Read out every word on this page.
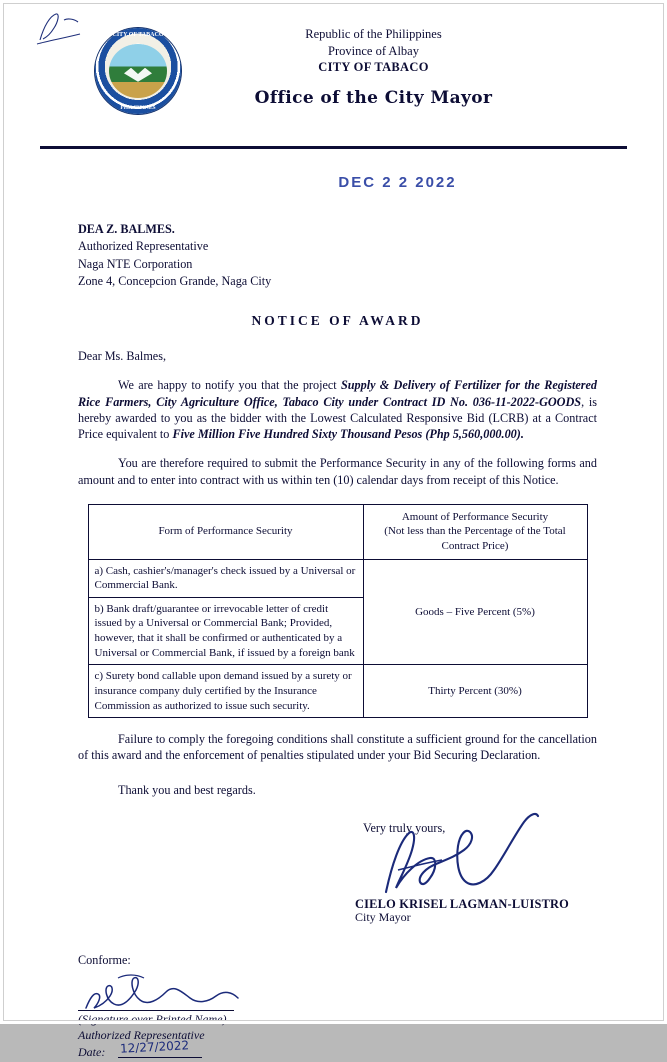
CITY OF TABACO
PHILIPPINES
Republic of the Philippines
Province of Albay
CITY OF TABACO
Office of the City Mayor
DEC 2 2 2022
DEA Z. BALMES.
Authorized Representative
Naga NTE Corporation
Zone 4, Concepcion Grande, Naga City
NOTICE OF AWARD
Dear Ms. Balmes,

We are happy to notify you that the project Supply & Delivery of Fertilizer for the Registered Rice Farmers, City Agriculture Office, Tabaco City under Contract ID No. 036-11-2022-GOODS, is hereby awarded to you as the bidder with the Lowest Calculated Responsive Bid (LCRB) at a Contract Price equivalent to Five Million Five Hundred Sixty Thousand Pesos (Php 5,560,000.00).

You are therefore required to submit the Performance Security in any of the following forms and amount and to enter into contract with us within ten (10) calendar days from receipt of this Notice.

Form of Performance Security	Amount of Performance Security
(Not less than the Percentage of the Total Contract Price)

a) Cash, cashier's/manager's check issued by a Universal or Commercial Bank.	Goods – Five Percent (5%)
b) Bank draft/guarantee or irrevocable letter of credit issued by a Universal or Commercial Bank; Provided, however, that it shall be confirmed or authenticated by a Universal or Commercial Bank, if issued by a foreign bank	
c) Surety bond callable upon demand issued by a surety or insurance company duly certified by the Insurance Commission as authorized to issue such security.	Thirty Percent (30%)

Failure to comply the foregoing conditions shall constitute a sufficient ground for the cancellation of this award and the enforcement of penalties stipulated under your Bid Securing Declaration.

Thank you and best regards.
Very truly yours,
CIELO KRISEL LAGMAN-LUISTRO
City Mayor
Conforme:
(Signature over Printed Name)
Authorized Representative
Date: 12/27/2022
